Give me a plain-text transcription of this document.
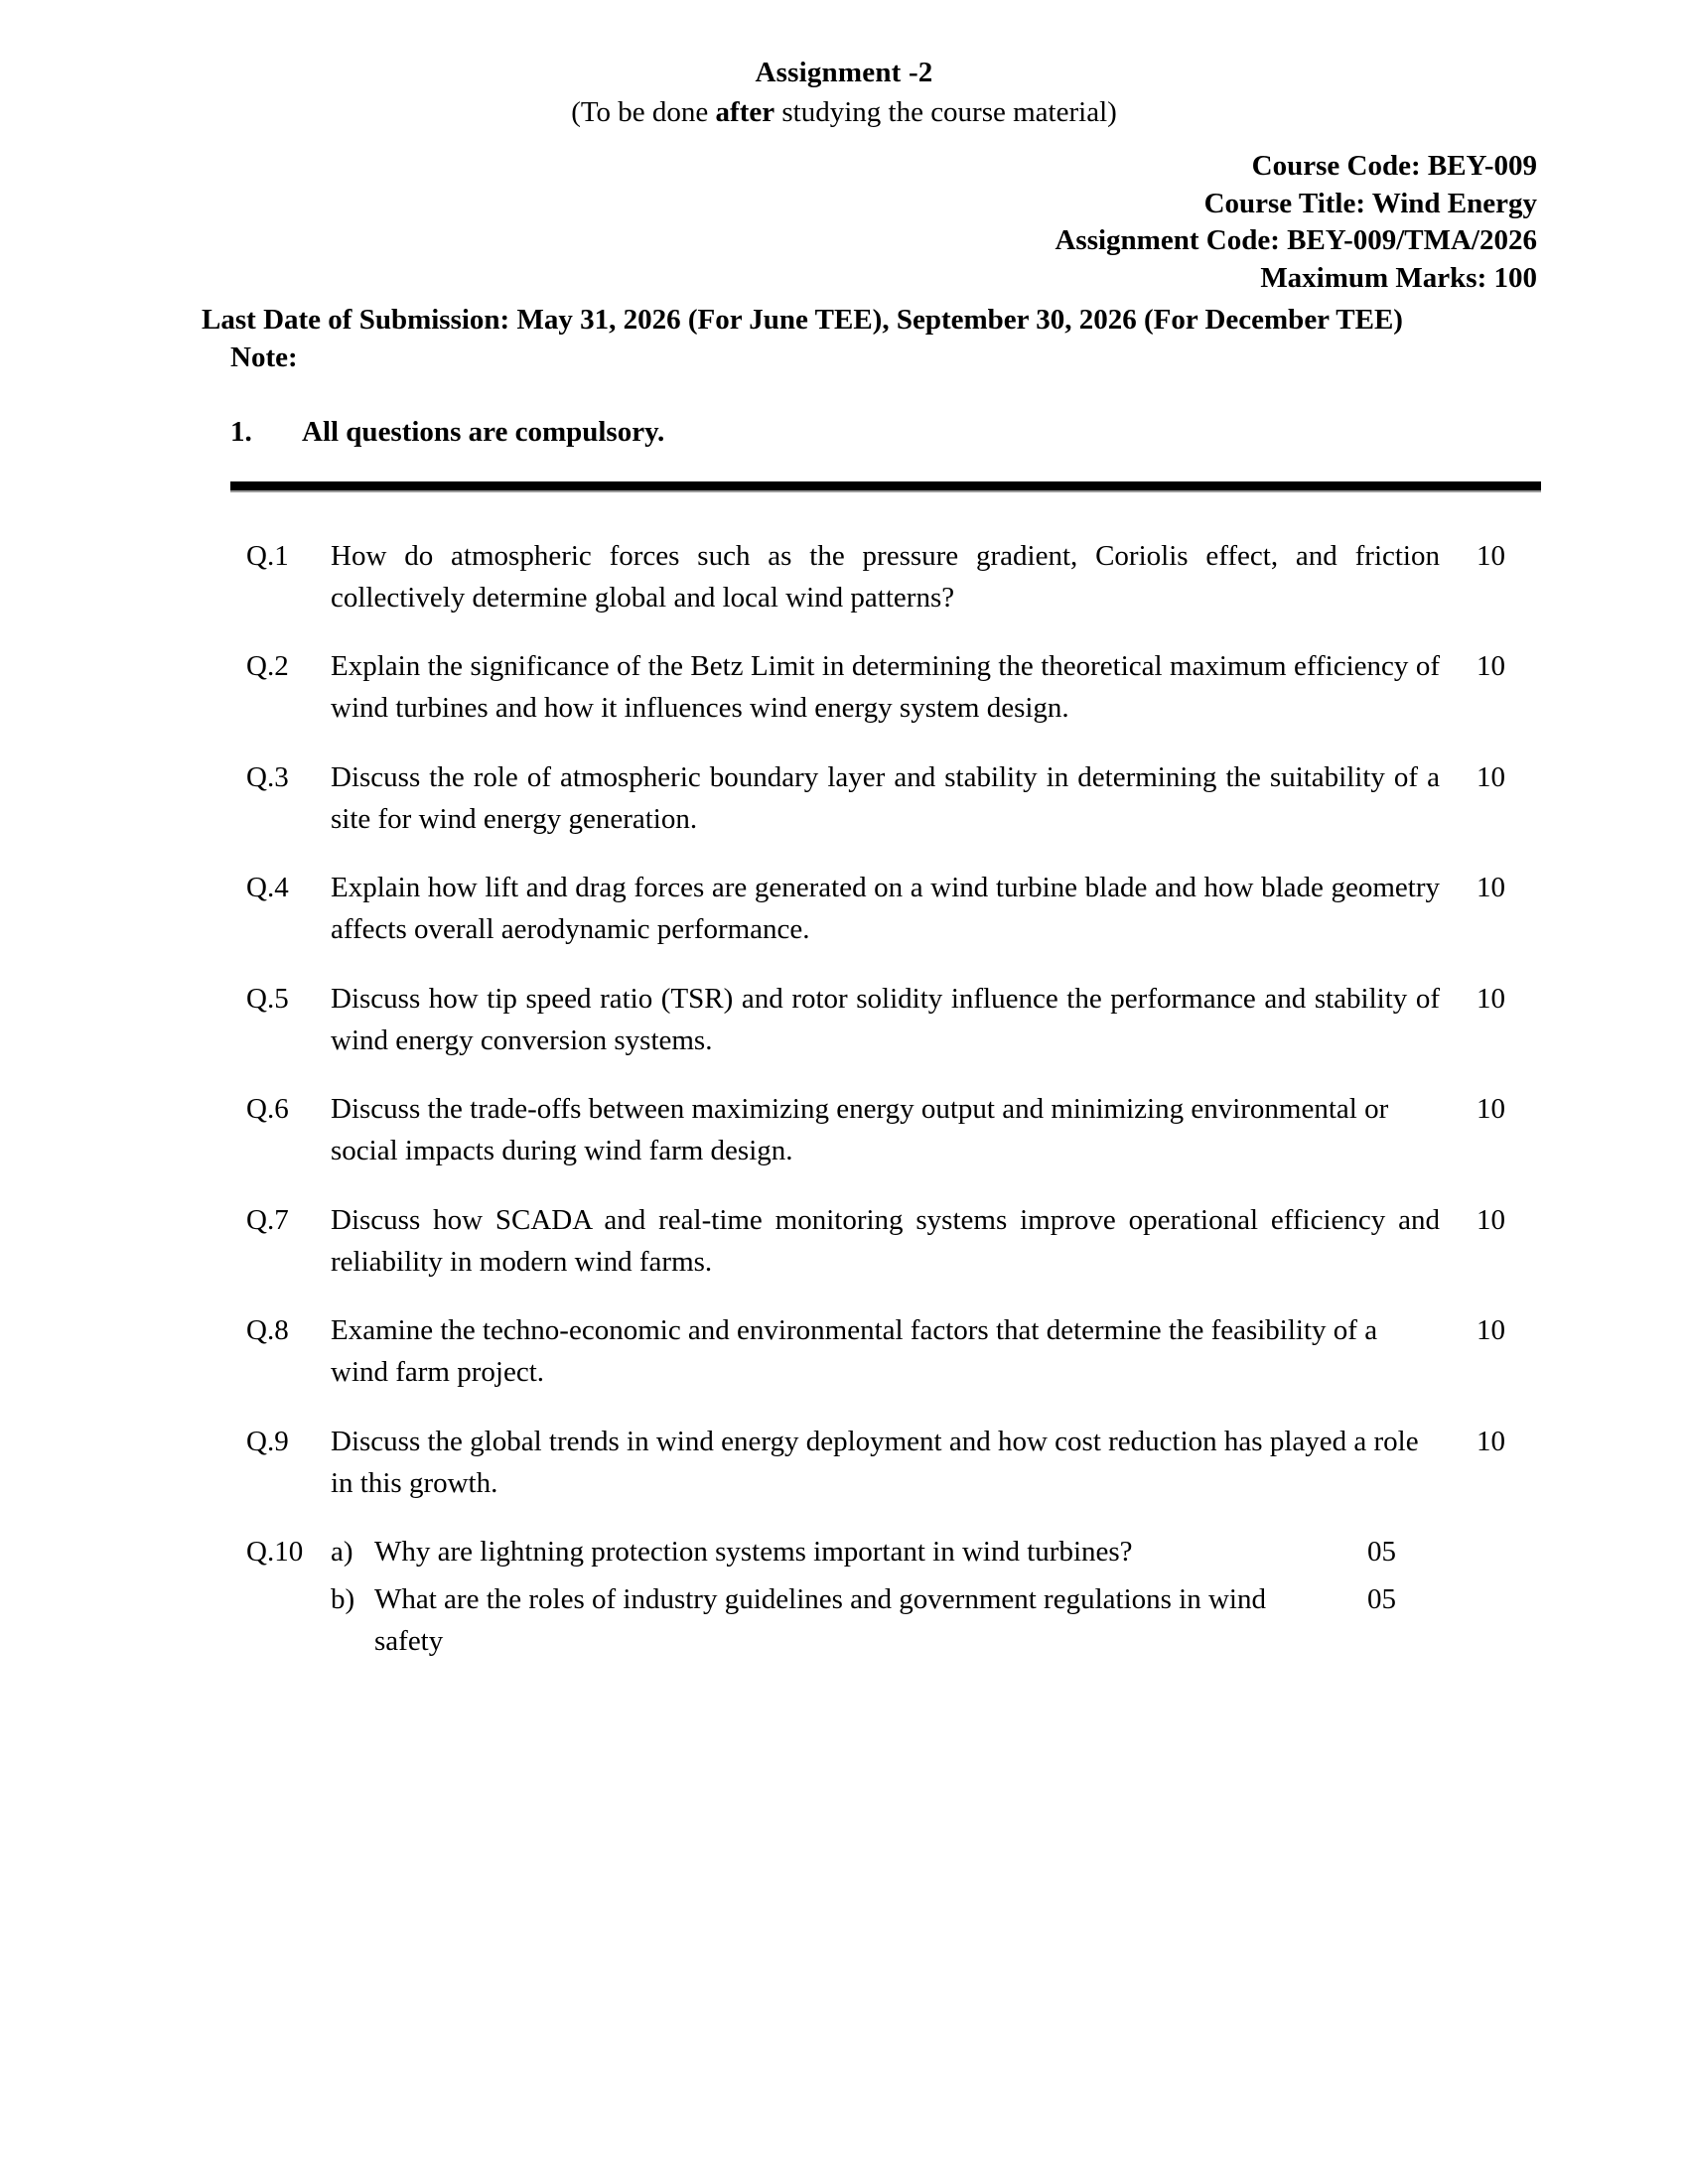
Assignment -2
(To be done after studying the course material)
Course Code: BEY-009
Course Title: Wind Energy
Assignment Code: BEY-009/TMA/2026
Maximum Marks: 100
Last Date of Submission: May 31, 2026 (For June TEE), September 30, 2026 (For December TEE)
Note:
1.	All questions are compulsory.
Q.1	How do atmospheric forces such as the pressure gradient, Coriolis effect, and friction collectively determine global and local wind patterns?
10
Q.2	Explain the significance of the Betz Limit in determining the theoretical maximum efficiency of wind turbines and how it influences wind energy system design.
10
Q.3	Discuss the role of atmospheric boundary layer and stability in determining the suitability of a site for wind energy generation.
10
Q.4	Explain how lift and drag forces are generated on a wind turbine blade and how blade geometry affects overall aerodynamic performance.
10
Q.5	Discuss how tip speed ratio (TSR) and rotor solidity influence the performance and stability of wind energy conversion systems.
10
Q.6	Discuss the trade-offs between maximizing energy output and minimizing environmental or social impacts during wind farm design.
10
Q.7	Discuss how SCADA and real-time monitoring systems improve operational efficiency and reliability in modern wind farms.
10
Q.8	Examine the techno-economic and environmental factors that determine the feasibility of a wind farm project.
10
Q.9	Discuss the global trends in wind energy deployment and how cost reduction has played a role in this growth.
10
Q.10 a) Why are lightning protection systems important in wind turbines?	05
b) What are the roles of industry guidelines and government regulations in wind safety
05
